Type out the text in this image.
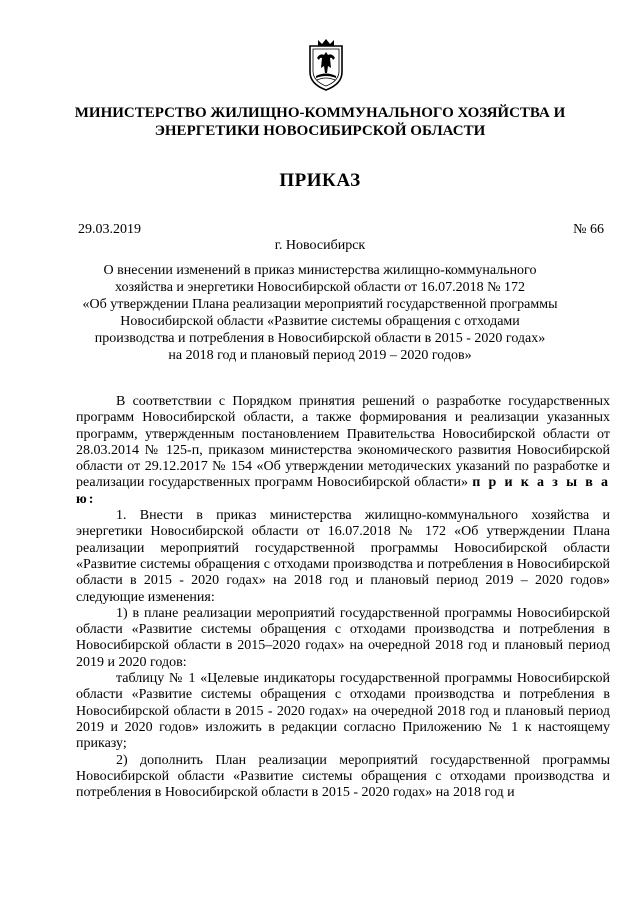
МИНИСТЕРСТВО ЖИЛИЩНО-КОММУНАЛЬНОГО ХОЗЯЙСТВА И
ЭНЕРГЕТИКИ НОВОСИБИРСКОЙ ОБЛАСТИ
ПРИКАЗ
29.03.2019	№ 66
г. Новосибирск
О внесении изменений в приказ министерства жилищно-коммунального
хозяйства и энергетики Новосибирской области от 16.07.2018 № 172
«Об утверждении Плана реализации мероприятий государственной программы
Новосибирской области «Развитие системы обращения с отходами
производства и потребления в Новосибирской области в 2015 - 2020 годах»
на 2018 год и плановый период 2019 – 2020 годов»

В соответствии с Порядком принятия решений о разработке государственных программ Новосибирской области, а также формирования и реализации указанных программ, утвержденным постановлением Правительства Новосибирской области от 28.03.2014 № 125-п, приказом министерства экономического развития Новосибирской области от 29.12.2017 № 154 «Об утверждении методических указаний по разработке и реализации государственных программ Новосибирской области» п р и к а з ы в а ю:

1. Внести в приказ министерства жилищно-коммунального хозяйства и энергетики Новосибирской области от 16.07.2018 № 172 «Об утверждении Плана реализации мероприятий государственной программы Новосибирской области «Развитие системы обращения с отходами производства и потребления в Новосибирской области в 2015 - 2020 годах» на 2018 год и плановый период 2019 – 2020 годов» следующие изменения:

1) в плане реализации мероприятий государственной программы Новосибирской области «Развитие системы обращения с отходами производства и потребления в Новосибирской области в 2015–2020 годах» на очередной 2018 год и плановый период 2019 и 2020 годов:

таблицу № 1 «Целевые индикаторы государственной программы Новосибирской области «Развитие системы обращения с отходами производства и потребления в Новосибирской области в 2015 - 2020 годах» на очередной 2018 год и плановый период 2019 и 2020 годов» изложить в редакции согласно Приложению № 1 к настоящему приказу;

2) дополнить План реализации мероприятий государственной программы Новосибирской области «Развитие системы обращения с отходами производства и потребления в Новосибирской области в 2015 - 2020 годах» на 2018 год и
